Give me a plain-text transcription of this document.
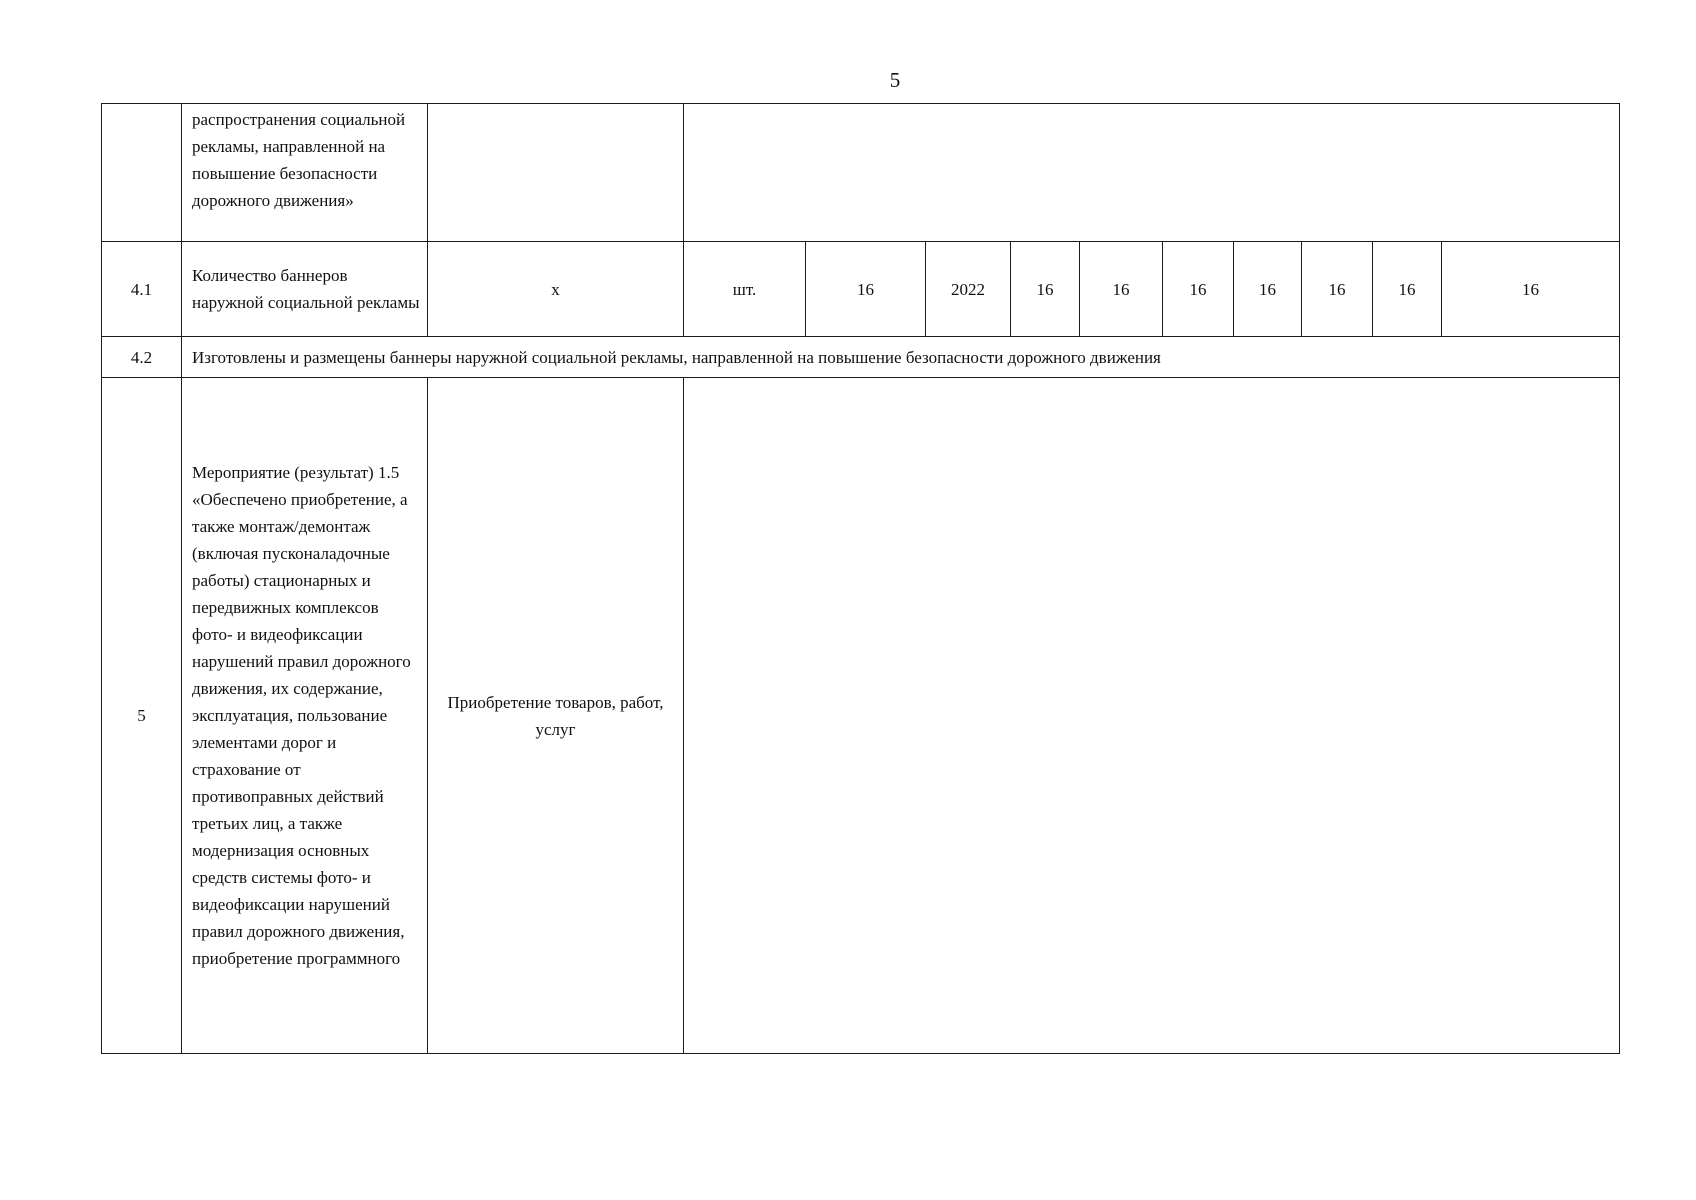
5
	распространения социальной рекламы, направленной на повышение безопасности дорожного движения»											
4.1	Количество баннеров наружной социальной рекламы	x	шт.	16	2022	16	16	16	16	16	16	16
4.2	Изготовлены и размещены баннеры наружной социальной рекламы, направленной на повышение безопасности дорожного движения											
5	Мероприятие (результат) 1.5 «Обеспечено приобретение, а также монтаж/демонтаж (включая пусконаладочные работы) стационарных и передвижных комплексов фото- и видеофиксации нарушений правил дорожного движения, их содержание, эксплуатация, пользование элементами дорог и страхование от противоправных действий третьих лиц, а также модернизация основных средств системы фото- и видеофиксации нарушений правил дорожного движения, приобретение программного	Приобретение товаров, работ, услуг										
